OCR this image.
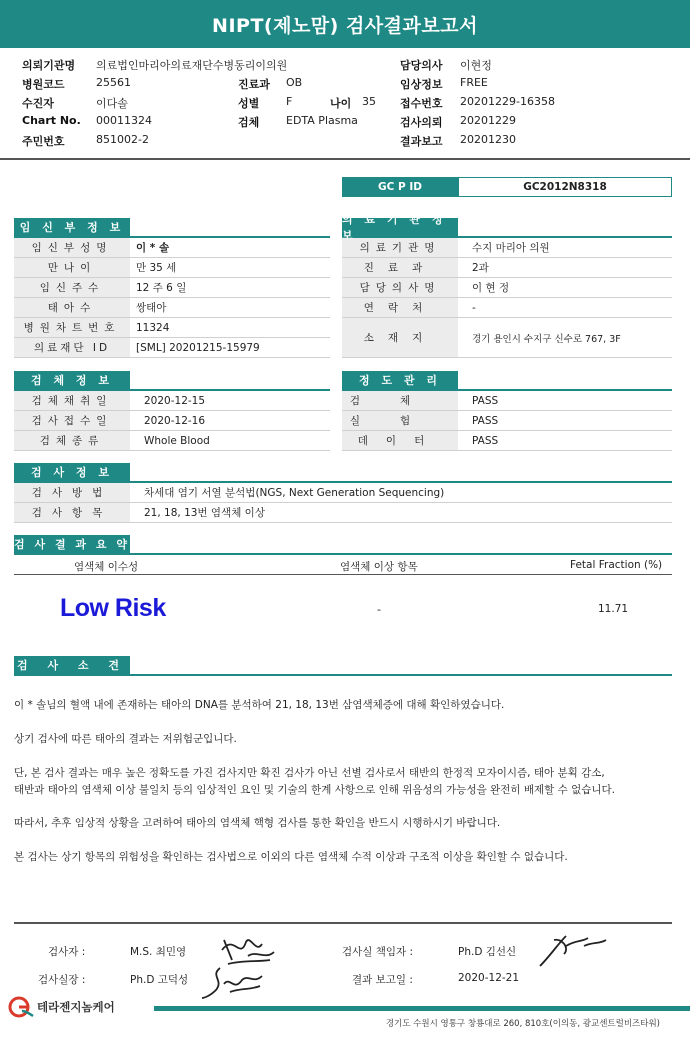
NIPT(제노맘) 검사결과보고서
의뢰기관명 의료법인마리아의료재단수병동리이의원	담당의사 이현정
병원코드	25561	진료과 OB	임상정보 FREE
수진자	이다솔	성별 F	나이 35 접수번호 20201229-16358
Chart No. 00011324	검체 EDTA Plasma	검사의뢰 20201229
주민번호	851002-2	결과보고 20201230
GC P ID	GC2012N8318
임 신 부 정 보
임신부성명	이 * 솔
만나이	만 35 세
임신주수	12 주 6 일
태아수	쌍태아
병원차트번호	11324
의료재단 ID	[SML] 20201215-15979
의 료 기 관 정
의료기관명	수지 마리아 의원
진료과	2과
담당의사명	이 현 정
연락처	-
소재지	경기 용인시 수지구 신수로 767, 3F
검 체 정 보
검체채취일	2020-12-15
검사접수일	2020-12-16
검체종류	Whole Blood
정 도 관 리
검체	PASS
실험	PASS
데이터	PASS
검 사 정 보
검사방법	차세대 염기 서열 분석법(NGS, Next Generation Sequencing)
검사항목	21, 18, 13번 염색체 이상
검 사 결 과 요 약
염색체 이수성	염색체 이상 항목	Fetal Fraction (%)
Low Risk	-	11.71
검 사 소 견
이 * 솔님의 혈액 내에 존재하는 태아의 DNA를 분석하여 21, 18, 13번 삼염색체증에 대해 확인하였습니다.
상기 검사에 따른 태아의 결과는 저위험군입니다.
단, 본 검사 결과는 매우 높은 정확도를 가진 검사지만 확진 검사가 아닌 선별 검사로서 태반의 한정적 모자이시즘, 태아 분획 감소,
태반과 태아의 염색체 이상 불일치 등의 임상적인 요인 및 기술의 한계 사항으로 인해 위음성의 가능성을 완전히 배제할 수 없습니다.
따라서, 추후 임상적 상황을 고려하여 태아의 염색체 핵형 검사를 통한 확인을 반드시 시행하시기 바랍니다.
본 검사는 상기 항목의 위험성을 확인하는 검사법으로 이외의 다른 염색체 수적 이상과 구조적 이상을 확인할 수 없습니다.
검사자 :	M.S. 최민영	검사실 책임자 :	Ph.D 김선신
검사실장 :	Ph.D 고덕성	결과 보고일 :	2020-12-21
테라젠지놈케어
경기도 수원시 영통구 창룡대로 260, 810호(이의동, 광교센트럴비즈타워)
